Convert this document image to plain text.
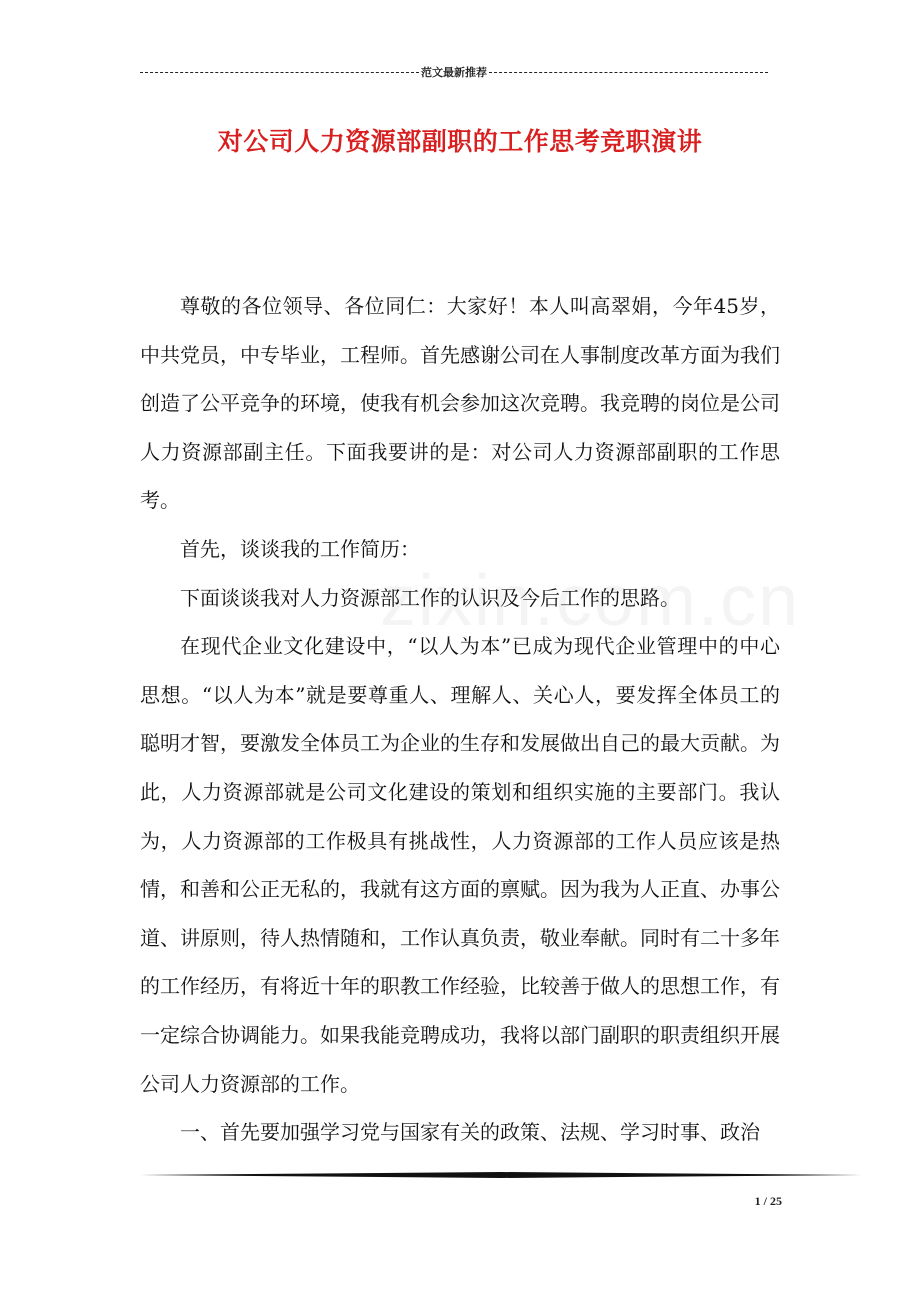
范文最新推荐
对公司人力资源部副职的工作思考竞职演讲

尊敬的各位领导、各位同仁：大家好！本人叫高翠娟，今年45岁，中共党员，中专毕业，工程师。首先感谢公司在人事制度改革方面为我们创造了公平竞争的环境，使我有机会参加这次竞聘。我竞聘的岗位是公司人力资源部副主任。下面我要讲的是：对公司人力资源部副职的工作思考。

首先，谈谈我的工作简历：

下面谈谈我对人力资源部工作的认识及今后工作的思路。

在现代企业文化建设中，“以人为本”已成为现代企业管理中的中心思想。“以人为本”就是要尊重人、理解人、关心人，要发挥全体员工的聪明才智，要激发全体员工为企业的生存和发展做出自己的最大贡献。为此，人力资源部就是公司文化建设的策划和组织实施的主要部门。我认为，人力资源部的工作极具有挑战性，人力资源部的工作人员应该是热情，和善和公正无私的，我就有这方面的禀赋。因为我为人正直、办事公道、讲原则，待人热情随和，工作认真负责，敬业奉献。同时有二十多年的工作经历，有将近十年的职教工作经验，比较善于做人的思想工作，有一定综合协调能力。如果我能竞聘成功，我将以部门副职的职责组织开展公司人力资源部的工作。

一、首先要加强学习党与国家有关的政策、法规、学习时事、政治

1 / 25
